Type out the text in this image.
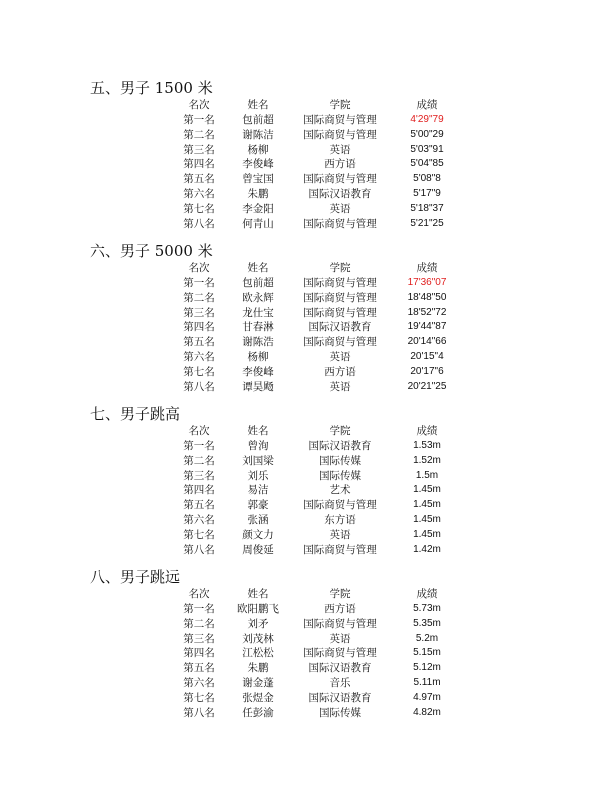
五、男子 1500 米
名次	姓名	学院	成绩
第一名	包前超	国际商贸与管理	4'29"79
第二名	谢陈洁	国际商贸与管理	5'00"29
第三名	杨柳	英语	5'03"91
第四名	李俊峰	西方语	5'04"85
第五名	曾宝国	国际商贸与管理	5'08"8
第六名	朱鹏	国际汉语教育	5'17"9
第七名	李金阳	英语	5'18"37
第八名	何青山	国际商贸与管理	5'21"25
六、男子 5000 米
名次	姓名	学院	成绩
第一名	包前超	国际商贸与管理	17'36"07
第二名	欧永辉	国际商贸与管理	18'48"50
第三名	龙仕宝	国际商贸与管理	18'52"72
第四名	甘春淋	国际汉语教育	19'44"87
第五名	谢陈浩	国际商贸与管理	20'14"66
第六名	杨柳	英语	20'15"4
第七名	李俊峰	西方语	20'17"6
第八名	谭昊飏	英语	20'21"25
七、男子跳高
名次	姓名	学院	成绩
第一名	曾洵	国际汉语教育	1.53m
第二名	刘国梁	国际传媒	1.52m
第三名	刘乐	国际传媒	1.5m
第四名	易洁	艺术	1.45m
第五名	郭豪	国际商贸与管理	1.45m
第六名	张涵	东方语	1.45m
第七名	颜文力	英语	1.45m
第八名	周俊延	国际商贸与管理	1.42m
八、男子跳远
名次	姓名	学院	成绩
第一名	欧阳鹏飞	西方语	5.73m
第二名	刘矛	国际商贸与管理	5.35m
第三名	刘茂林	英语	5.2m
第四名	江松松	国际商贸与管理	5.15m
第五名	朱鹏	国际汉语教育	5.12m
第六名	谢金蓬	音乐	5.11m
第七名	张煜金	国际汉语教育	4.97m
第八名	任彭渝	国际传媒	4.82m
